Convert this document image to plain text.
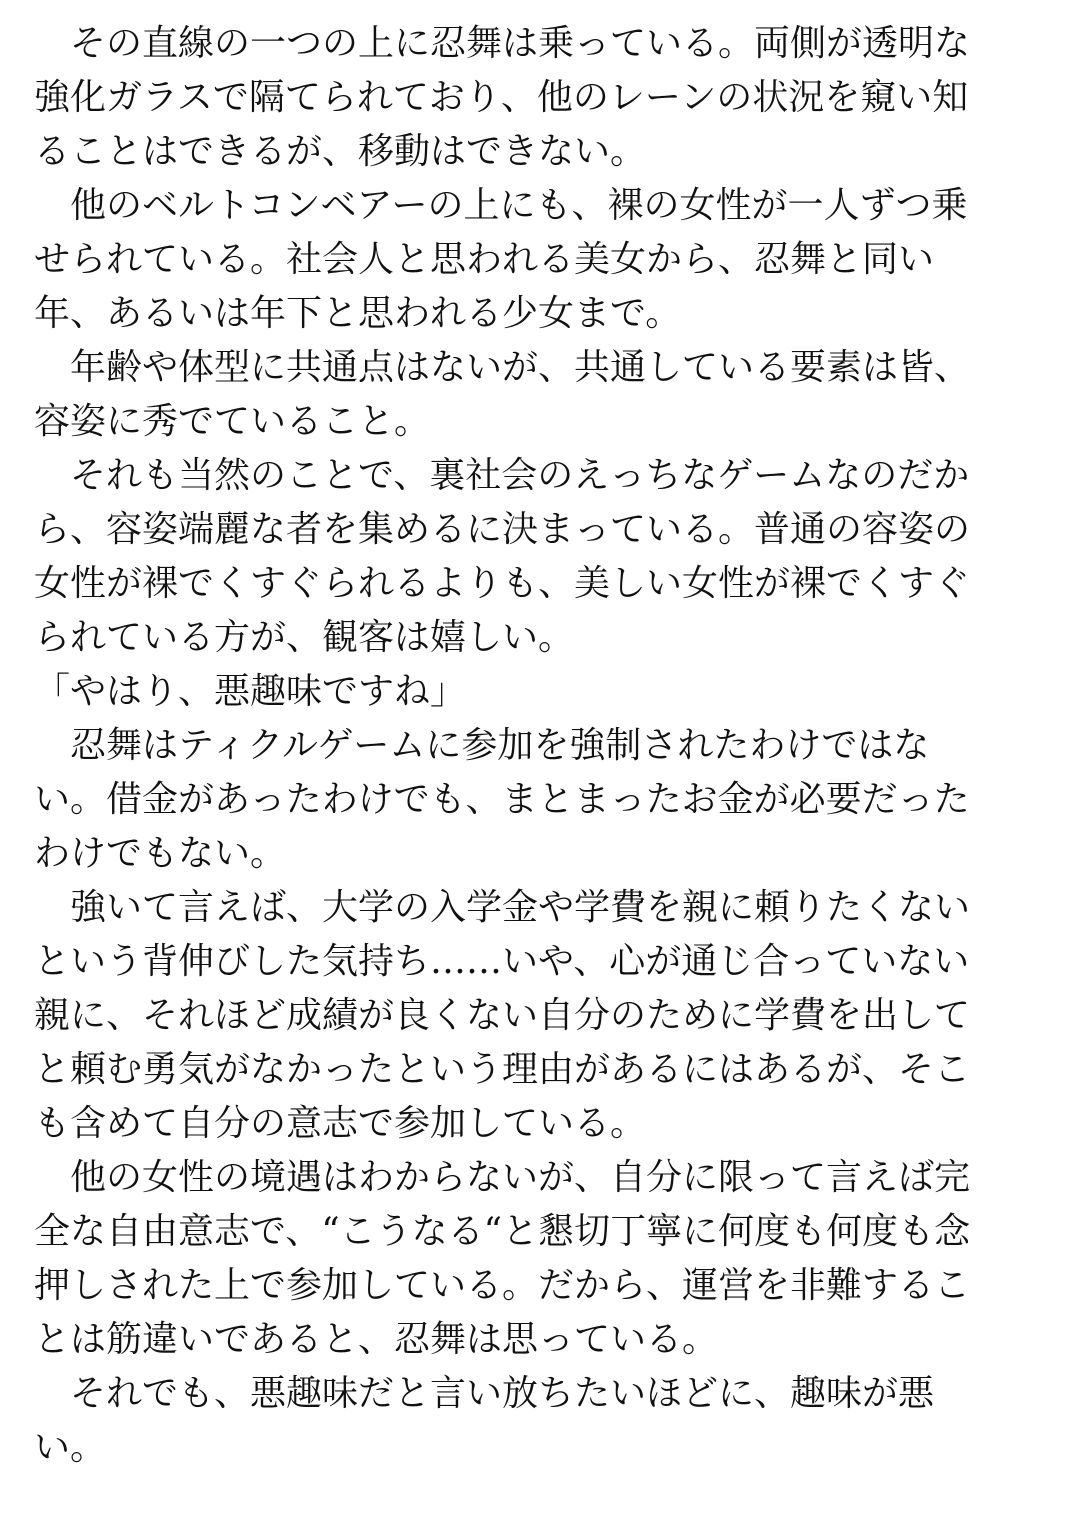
　その直線の一つの上に忍舞は乗っている。両側が透明な
強化ガラスで隔てられており、他のレーンの状況を窺い知
ることはできるが、移動はできない。
　他のベルトコンベアーの上にも、裸の女性が一人ずつ乗
せられている。社会人と思われる美女から、忍舞と同い
年、あるいは年下と思われる少女まで。
　年齢や体型に共通点はないが、共通している要素は皆、
容姿に秀でていること。
　それも当然のことで、裏社会のえっちなゲームなのだか
ら、容姿端麗な者を集めるに決まっている。普通の容姿の
女性が裸でくすぐられるよりも、美しい女性が裸でくすぐ
られている方が、観客は嬉しい。
「やはり、悪趣味ですね」
　忍舞はティクルゲームに参加を強制されたわけではな
い。借金があったわけでも、まとまったお金が必要だった
わけでもない。
　強いて言えば、大学の入学金や学費を親に頼りたくない
という背伸びした気持ち……いや、心が通じ合っていない
親に、それほど成績が良くない自分のために学費を出して
と頼む勇気がなかったという理由があるにはあるが、そこ
も含めて自分の意志で参加している。
　他の女性の境遇はわからないが、自分に限って言えば完
全な自由意志で、“こうなる“と懇切丁寧に何度も何度も念
押しされた上で参加している。だから、運営を非難するこ
とは筋違いであると、忍舞は思っている。
　それでも、悪趣味だと言い放ちたいほどに、趣味が悪
い。
